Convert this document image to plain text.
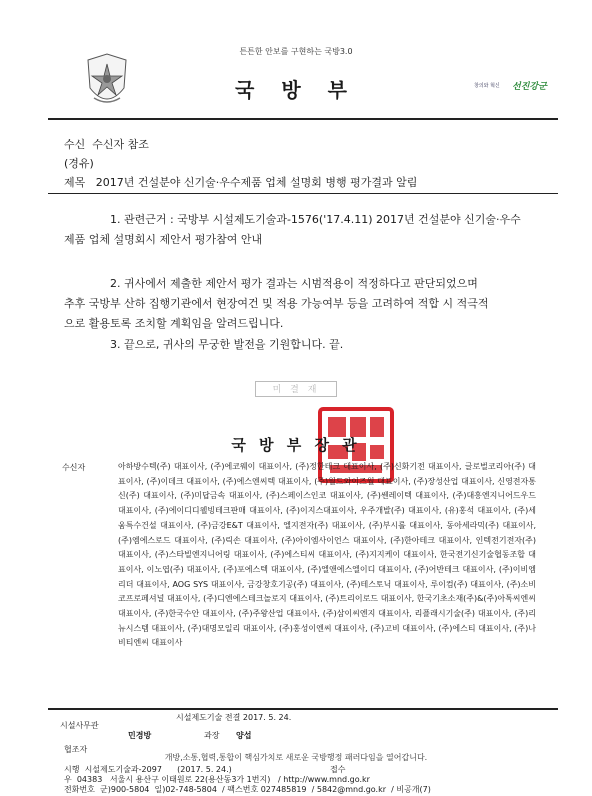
튼튼한 안보를 구현하는 국방3.0
국 방 부	창의와 혁신 선진강군
수신 수신자 참조
(경유)
제목 2017년 건설분야 신기술·우수제품 업체 설명회 병행 평가결과 알림
1. 관련근거 : 국방부 시설제도기술과-1576('17.4.11) 2017년 건설분야 신기술·우수
제품 업체 설명회시 제안서 평가참여 안내
2. 귀사에서 제출한 제안서 평가 결과는 시범적용이 적정하다고 판단되었으며
추후 국방부 산하 집행기관에서 현장여건 및 적용 가능여부 등을 고려하여 적합 시 적극적
으로 활용토록 조치할 계획임을 알려드립니다.
3. 끝으로, 귀사의 무궁한 발전을 기원합니다. 끝.
미 결 재
국 방 부 장 관
수신자	아하방수텍(주) 대표이사, (주)에코웨이 대표이사, (주)정한테크 대표이사, (주)신화기전 대표이사, 글로벌코리아(주) 대표이사, (주)이데크 대표이사, (주)에스엔씨텍 대표이사, (주)월드와이즈월 대표이사, (주)장성산업 대표이사, 신영전자통신(주) 대표이사, (주)미답금속 대표이사, (주)스페이스인코 대표이사, (주)쎈레이텍 대표이사, (주)대흥엔지니어드우드 대표이사, (주)에이디디웰빙테크판매 대표이사, (주)이지스대표이사, 우주개발(주) 대표이사, (유)홍석 대표이사, (주)세움특수건설 대표이사, (주)금강E&T 대표이사, 엘지전자(주) 대표이사, (주)부시롤 대표이사, 동아세라믹(주) 대표이사, (주)엠에스로드 대표이사, (주)릭손 대표이사, (주)아이엠사이언스 대표이사, (주)한아테크 대표이사, 인텍전기전자(주) 대표이사, (주)스타빌엔지니어링 대표이사, (주)에스티씨 대표이사, (주)지지케이 대표이사, 한국전기신기술협동조합 대표이사, 이노엽(주) 대표이사, (주)포에스텍 대표이사, (주)엘앤에스엘이디 대표이사, (주)어반테크 대표이사, (주)이비엠리더 대표이사, AOG SYS 대표이사, 금강창호기공(주) 대표이사, (주)테스토닉 대표이사, 루이컴(주) 대표이사, (주)소비코프로페셔널 대표이사, (주)디엔에스테크놀로지 대표이사, (주)트리이로드 대표이사, 한국기초소재(주)&(주)아톡씨엔씨 대표이사, (주)한국수안 대표이사, (주)주왕산업 대표이사, (주)삼이씨엔지 대표이사, 리플래시기술(주) 대표이사, (주)리뉴시스템 대표이사, (주)대명모일리 대표이사, (주)홍성이엔씨 대표이사, (주)고비 대표이사, (주)에스티 대표이사, (주)나비티엔씨 대표이사
시설사무관
민경방
시설제도기술 전결 2017. 5. 24.
과장 양섭
협조자
시행 시설제도기술과-2097 (2017. 5. 24.)	접수
우 04383 서울시 용산구 이태원로 22(용산동3가 1번지) / http://www.mnd.go.kr
전화번호 군)900-5804 일)02-748-5804 / 팩스번호 027485819 / 5842@mnd.go.kr / 비공개(7)
개방,소통,협력,통합이 핵심가치로 새로운 국방행정 패러다임을 열어갑니다.
